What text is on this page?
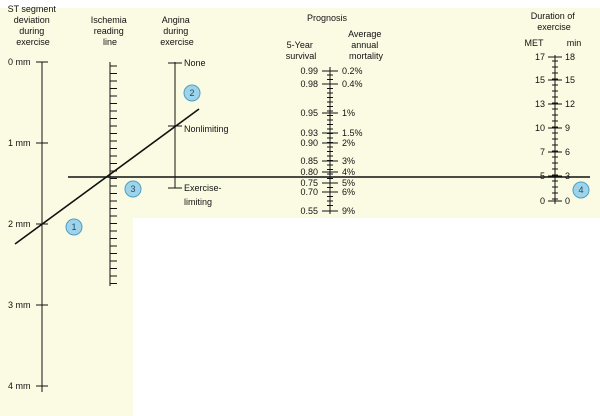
ST segment deviation during exercise
Ischemia reading line
Angina during exercise
Prognosis
5-Year survival
Average annual mortality
Duration of exercise
MET	min
0 mm
1 mm
2 mm
3 mm
4 mm
0.99	0.2%
0.98	0.4%
0.95	1%
0.93	1.5%
0.90	2%
0.85	3%
0.80	4%
0.75	5%
0.70	6%
0.55	9%
17 18
15 15
13 12
10 9
7 6
5 3
0 0
None
Nonlimiting
Exercise- limiting
1
2
3	4
